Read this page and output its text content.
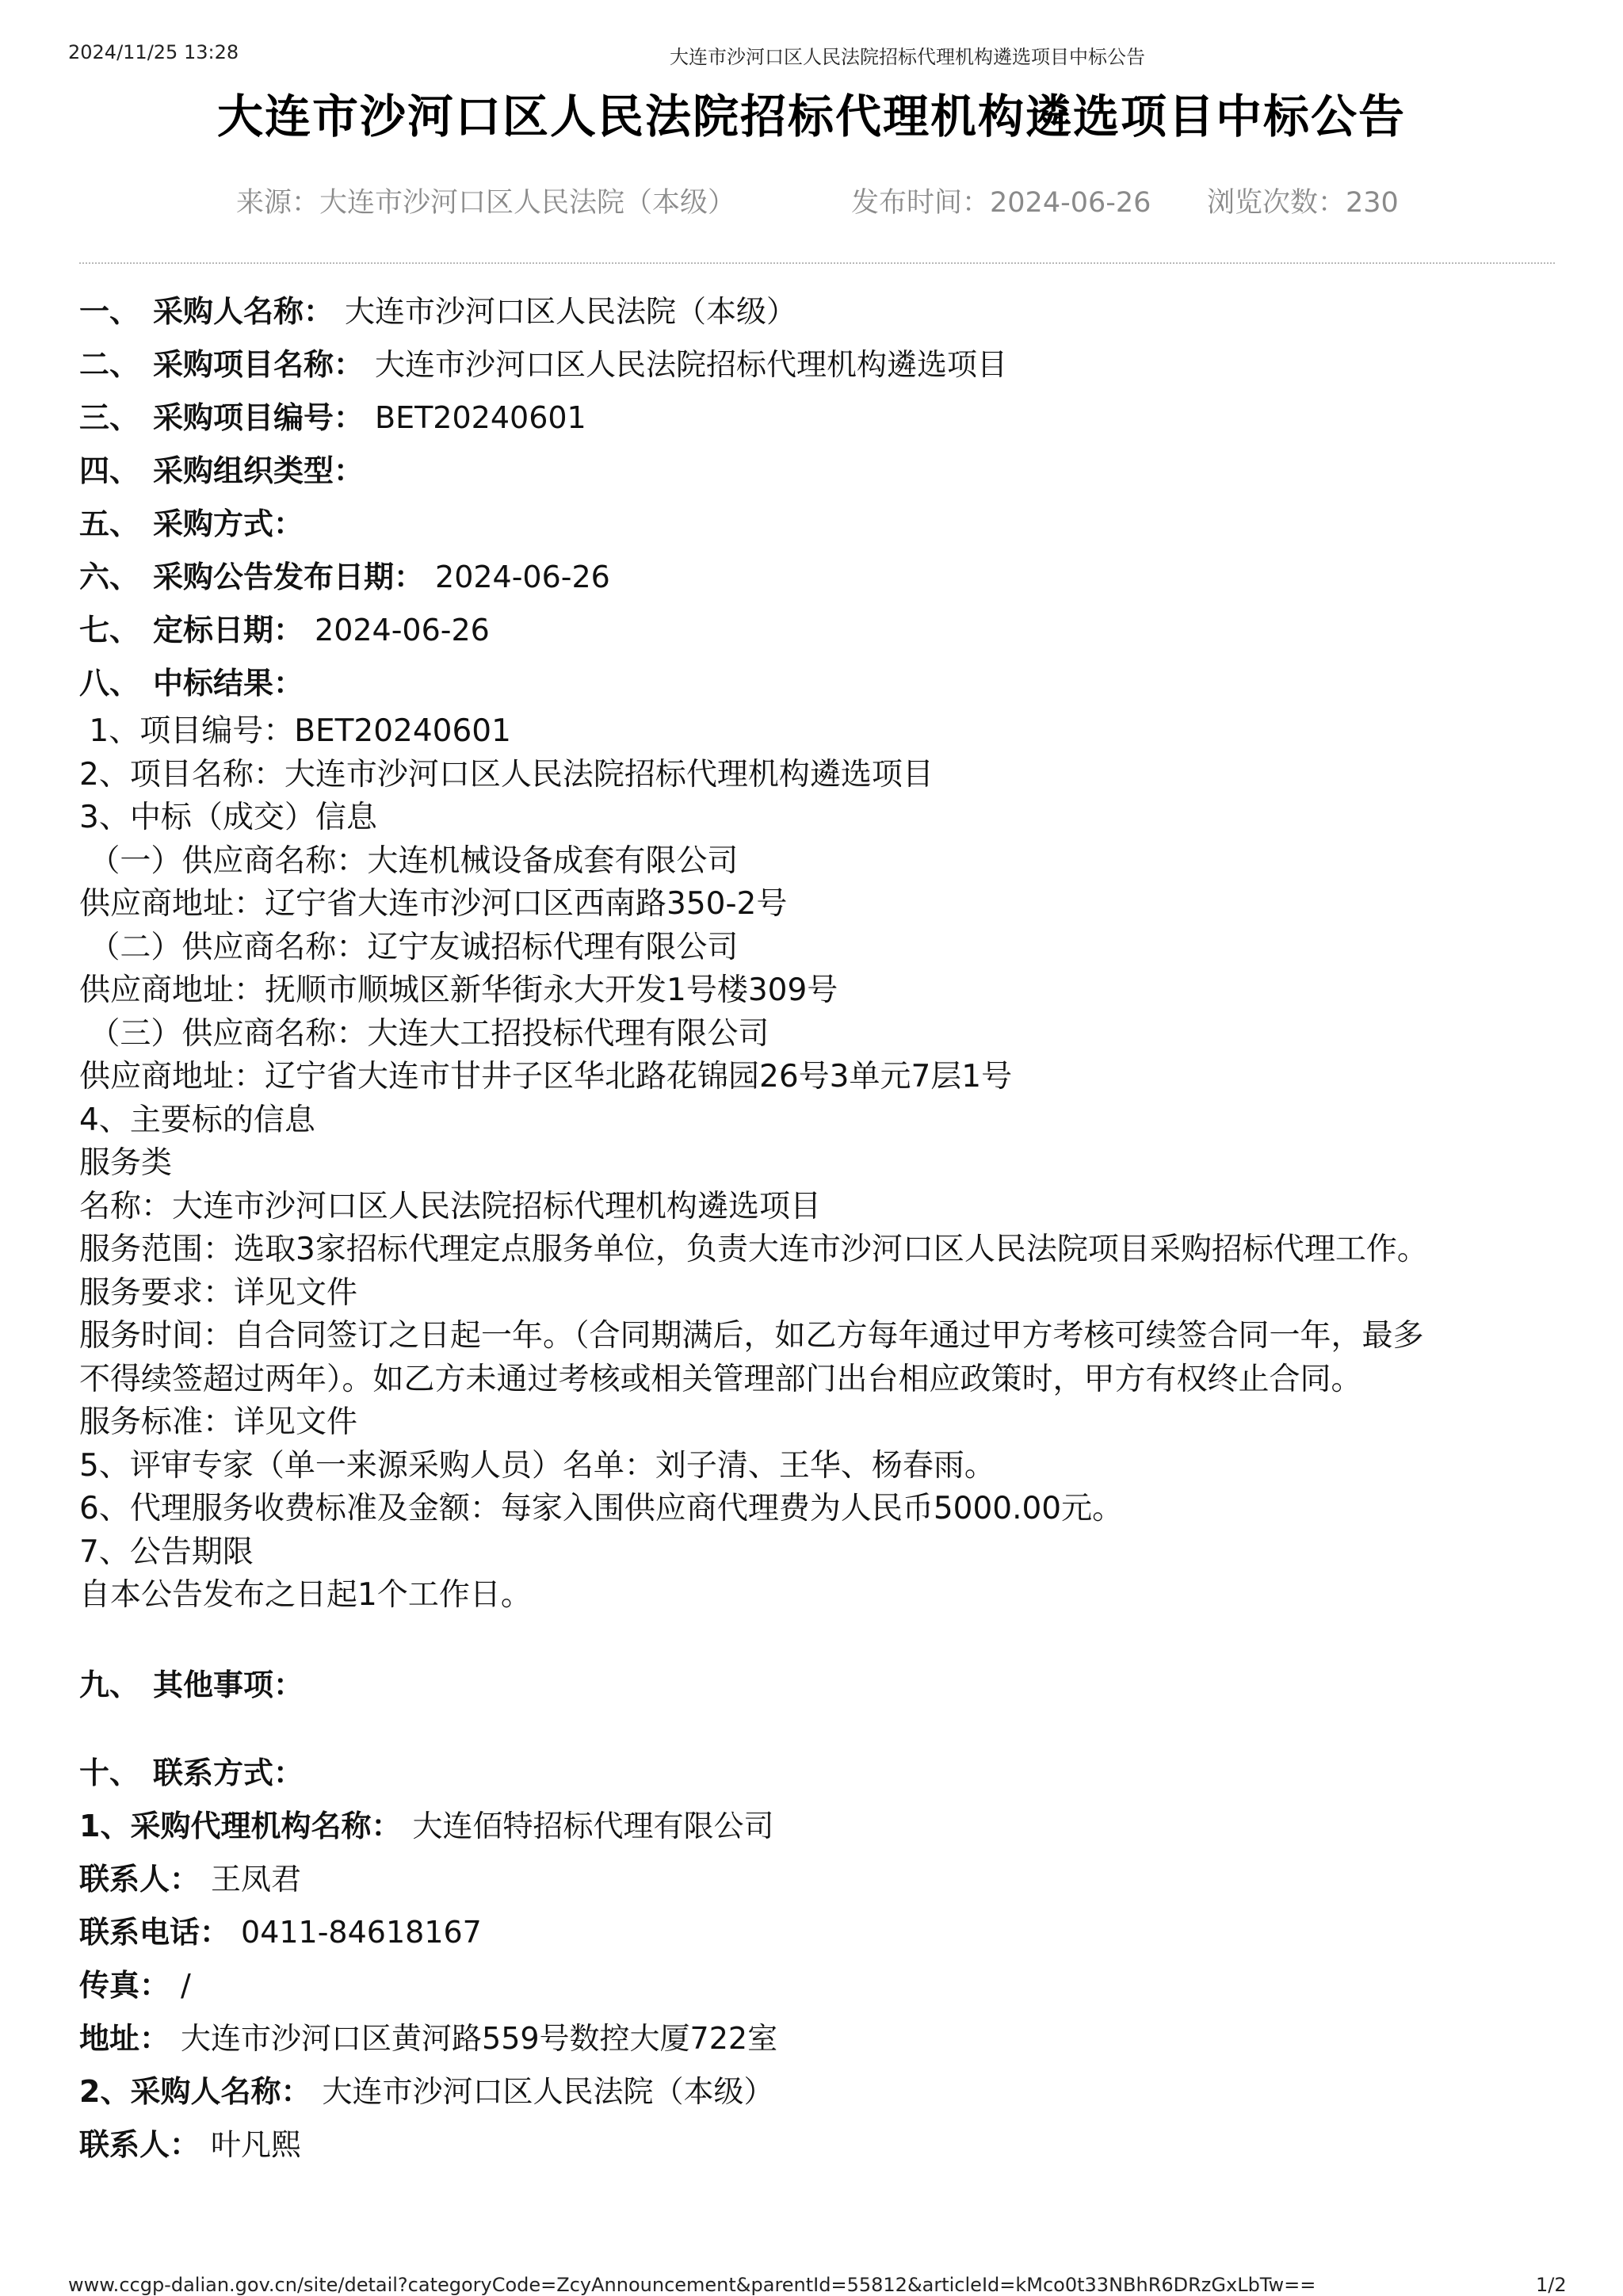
2024/11/25 13:28	大连市沙河口区人民法院招标代理机构遴选项目中标公告
大连市沙河口区人民法院招标代理机构遴选项目中标公告
来源：大连市沙河口区人民法院（本级）	发布时间：2024-06-26 浏览次数：230
一、 采购人名称： 大连市沙河口区人民法院（本级）
二、 采购项目名称： 大连市沙河口区人民法院招标代理机构遴选项目
三、 采购项目编号： BET20240601
四、 采购组织类型：
五、 采购方式：
六、 采购公告发布日期： 2024-06-26
七、 定标日期： 2024-06-26
八、 中标结果：
1、项目编号：BET20240601
2、项目名称：大连市沙河口区人民法院招标代理机构遴选项目
3、中标（成交）信息
（一）供应商名称：大连机械设备成套有限公司
供应商地址：辽宁省大连市沙河口区西南路350-2号
（二）供应商名称：辽宁友诚招标代理有限公司
供应商地址：抚顺市顺城区新华街永大开发1号楼309号
（三）供应商名称：大连大工招投标代理有限公司
供应商地址：辽宁省大连市甘井子区华北路花锦园26号3单元7层1号
4、主要标的信息
服务类
名称：大连市沙河口区人民法院招标代理机构遴选项目
服务范围：选取3家招标代理定点服务单位，负责大连市沙河口区人民法院项目采购招标代理工作。
服务要求：详见文件
服务时间：自合同签订之日起一年。（合同期满后，如乙方每年通过甲方考核可续签合同一年，最多
不得续签超过两年）。如乙方未通过考核或相关管理部门出台相应政策时，甲方有权终止合同。
服务标准：详见文件
5、评审专家（单一来源采购人员）名单：刘子清、王华、杨春雨。
6、代理服务收费标准及金额：每家入围供应商代理费为人民币5000.00元。
7、公告期限
自本公告发布之日起1个工作日。
九、 其他事项：
十、 联系方式：
1、采购代理机构名称： 大连佰特招标代理有限公司
联系人： 王凤君
联系电话： 0411-84618167
传真： /
地址： 大连市沙河口区黄河路559号数控大厦722室
2、采购人名称： 大连市沙河口区人民法院（本级）
联系人： 叶凡熙
www.ccgp-dalian.gov.cn/site/detail?categoryCode=ZcyAnnouncement&parentId=55812&articleId=kMco0t33NBhR6DRzGxLbTw==	1/2
